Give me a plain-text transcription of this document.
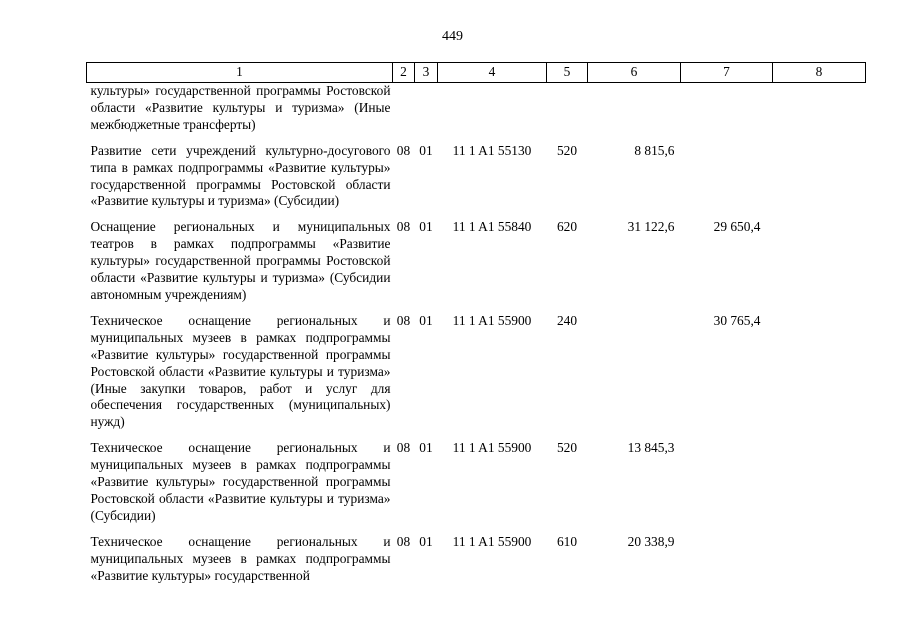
449
1	2	3	4	5	6	7	8
культуры» государственной программы Ростовской области «Развитие культуры и туризма» (Иные межбюджетные трансферты)							

Развитие сети учреждений культурно-досугового типа в рамках подпрограммы «Развитие культуры» государственной программы Ростовской области «Развитие культуры и туризма» (Субсидии)	08	01	11 1 A1 55130	520	8 815,6		

Оснащение региональных и муниципальных театров в рамках подпрограммы «Развитие культуры» государственной программы Ростовской области «Развитие культуры и туризма» (Субсидии автономным учреждениям)	08	01	11 1 A1 55840	620	31 122,6	29 650,4	

Техническое оснащение региональных и муниципальных музеев в рамках подпрограммы «Развитие культуры» государственной программы Ростовской области «Развитие культуры и туризма» (Иные закупки товаров, работ и услуг для обеспечения государственных (муниципальных) нужд)	08	01	11 1 A1 55900	240		30 765,4	

Техническое оснащение региональных и муниципальных музеев в рамках подпрограммы «Развитие культуры» государственной программы Ростовской области «Развитие культуры и туризма» (Субсидии)	08	01	11 1 A1 55900	520	13 845,3		

Техническое оснащение региональных и муниципальных музеев в рамках подпрограммы «Развитие культуры» государственной	08	01	11 1 A1 55900	610	20 338,9		
